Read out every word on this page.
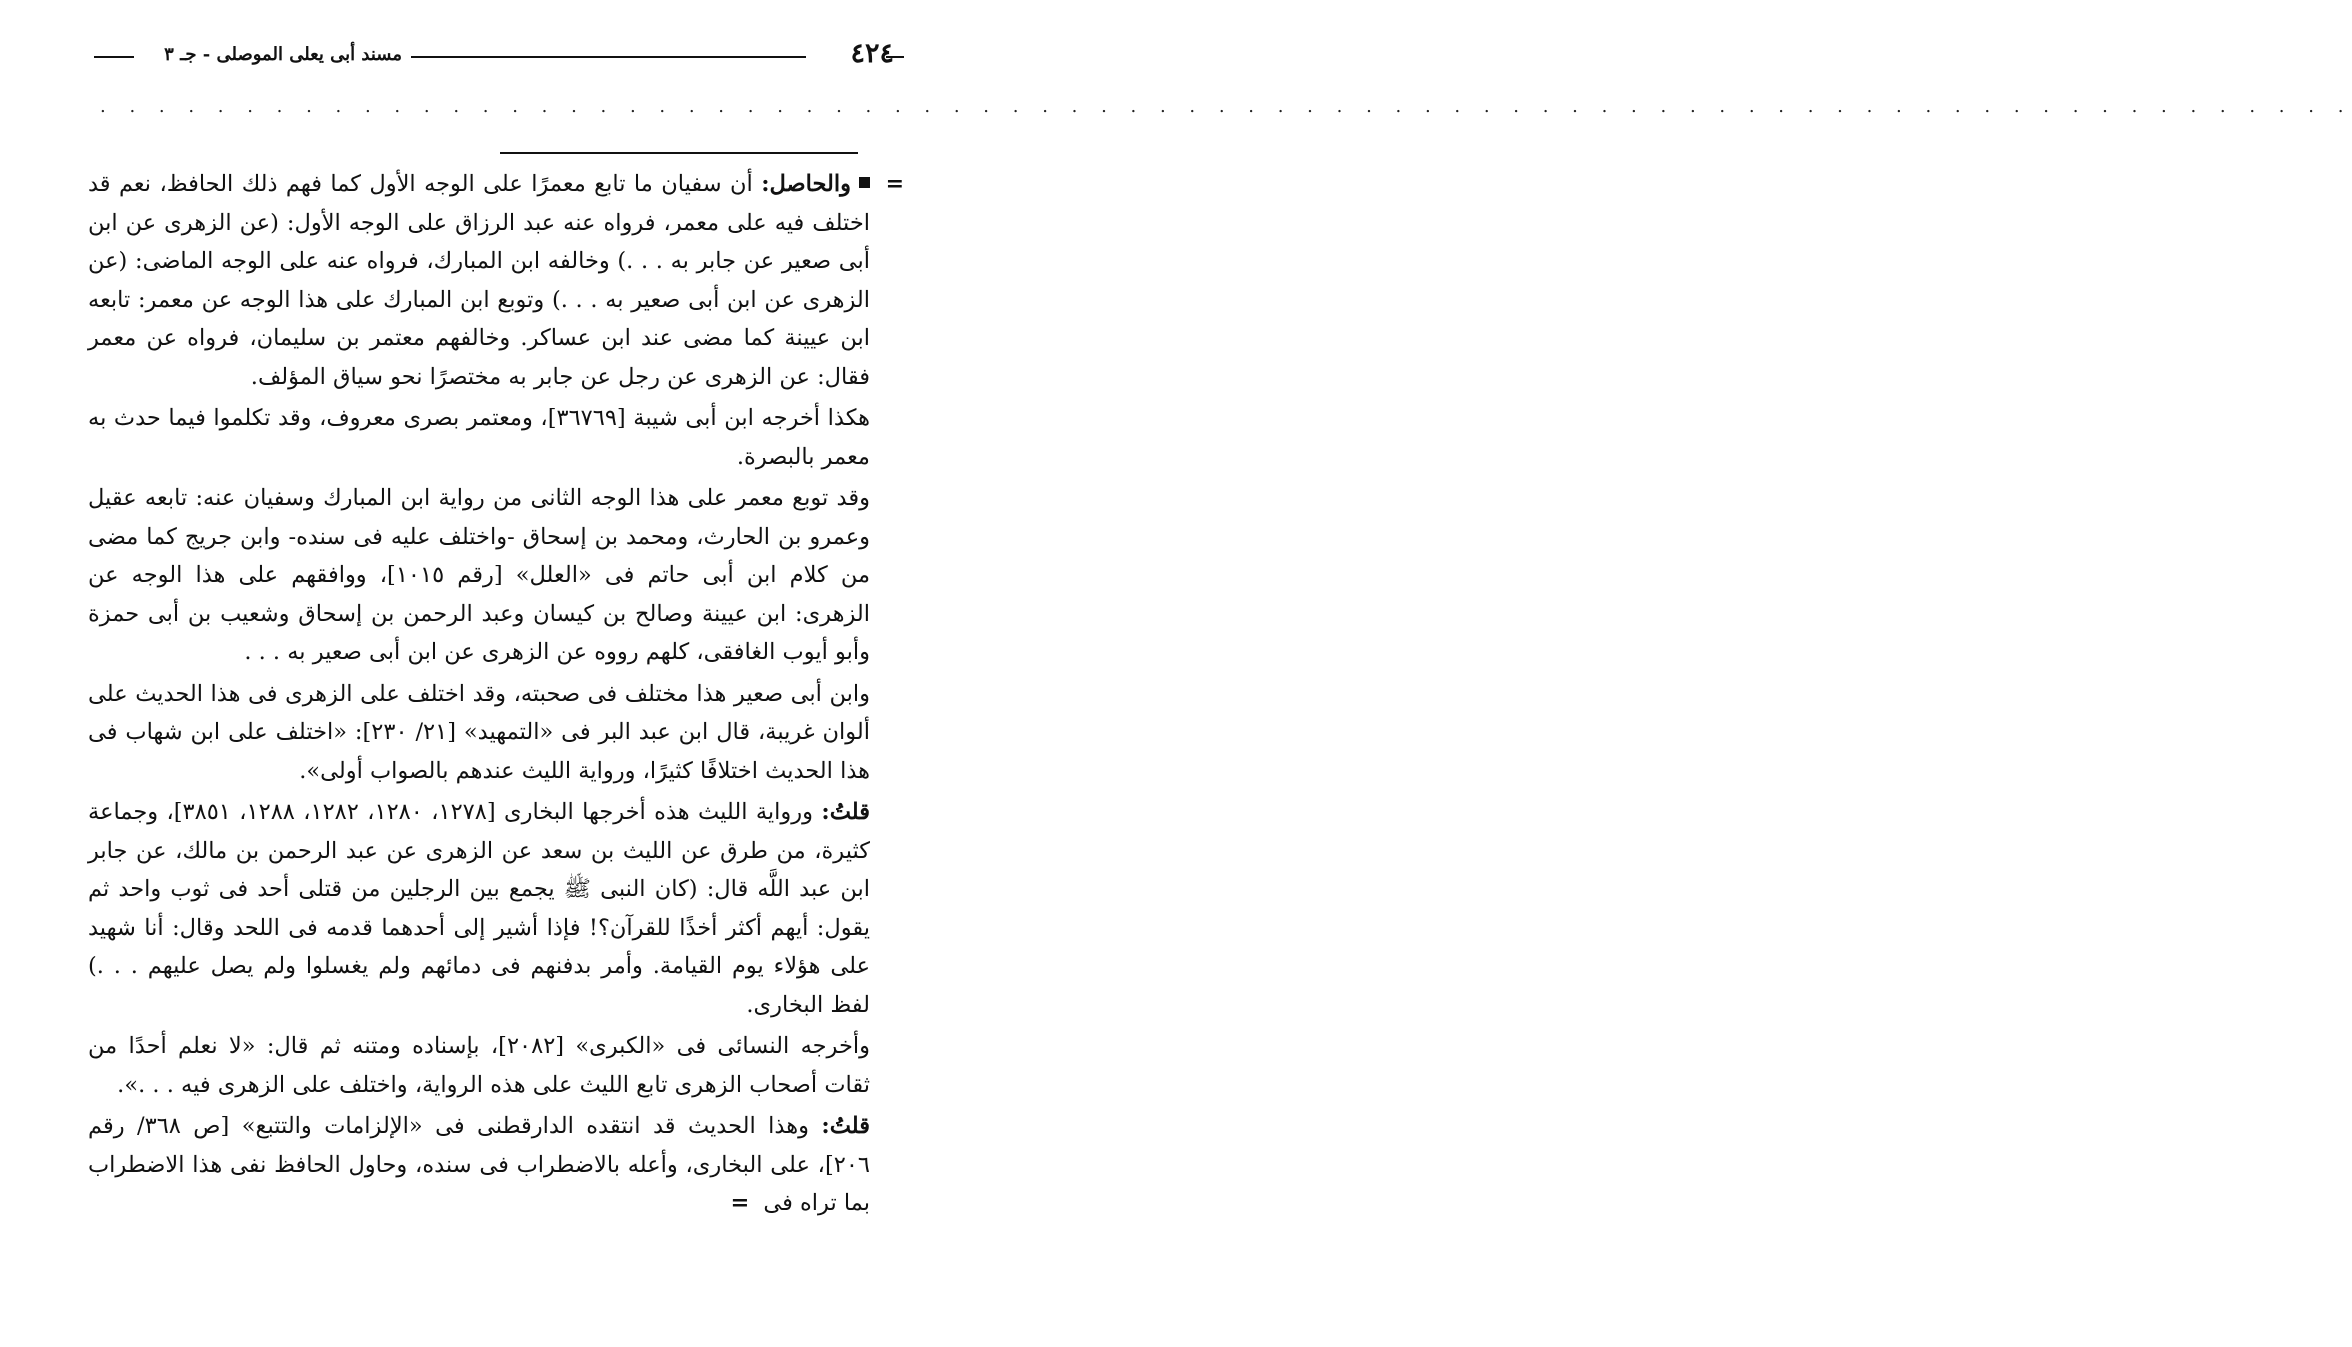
٤٢٤
مسند أبى يعلى الموصلى - جـ ٣
. . . . . . . . . . . . . . . . . . . . . . . . . . . . . . . . . . . . . . . . . . . . . . . . . . . . . . . . . . . . . . . . . . . . . . . . . . . . .
=

والحاصل: أن سفيان ما تابع معمرًا على الوجه الأول كما فهم ذلك الحافظ، نعم قد اختلف فيه على معمر، فرواه عنه عبد الرزاق على الوجه الأول: (عن الزهرى عن ابن أبى صعير عن جابر به . . .) وخالفه ابن المبارك، فرواه عنه على الوجه الماضى: (عن الزهرى عن ابن أبى صعير به . . .) وتوبع ابن المبارك على هذا الوجه عن معمر: تابعه ابن عيينة كما مضى عند ابن عساكر. وخالفهم معتمر بن سليمان، فرواه عن معمر فقال: عن الزهرى عن رجل عن جابر به مختصرًا نحو سياق المؤلف.

هكذا أخرجه ابن أبى شيبة [٣٦٧٦٩]، ومعتمر بصرى معروف، وقد تكلموا فيما حدث به معمر بالبصرة.

وقد توبع معمر على هذا الوجه الثانى من رواية ابن المبارك وسفيان عنه: تابعه عقيل وعمرو بن الحارث، ومحمد بن إسحاق -واختلف عليه فى سنده- وابن جريج كما مضى من كلام ابن أبى حاتم فى «العلل» [رقم ١٠١٥]، ووافقهم على هذا الوجه عن الزهرى: ابن عيينة وصالح بن كيسان وعبد الرحمن بن إسحاق وشعيب بن أبى حمزة وأبو أيوب الغافقى، كلهم رووه عن الزهرى عن ابن أبى صعير به . . .

وابن أبى صعير هذا مختلف فى صحبته، وقد اختلف على الزهرى فى هذا الحديث على ألوان غريبة، قال ابن عبد البر فى «التمهيد» [٢١/ ٢٣٠]: «اختلف على ابن شهاب فى هذا الحديث اختلافًا كثيرًا، ورواية الليث عندهم بالصواب أولى».

قلتُ: ورواية الليث هذه أخرجها البخارى [١٢٧٨، ١٢٨٠، ١٢٨٢، ١٢٨٨، ٣٨٥١]، وجماعة كثيرة، من طرق عن الليث بن سعد عن الزهرى عن عبد الرحمن بن مالك، عن جابر ابن عبد اللَّه قال: (كان النبى ﷺ يجمع بين الرجلين من قتلى أحد فى ثوب واحد ثم يقول: أيهم أكثر أخذًا للقرآن؟! فإذا أشير إلى أحدهما قدمه فى اللحد وقال: أنا شهيد على هؤلاء يوم القيامة. وأمر بدفنهم فى دمائهم ولم يغسلوا ولم يصل عليهم . . .) لفظ البخارى.

وأخرجه النسائى فى «الكبرى» [٢٠٨٢]، بإسناده ومتنه ثم قال: «لا نعلم أحدًا من ثقات أصحاب الزهرى تابع الليث على هذه الرواية، واختلف على الزهرى فيه . . .».

قلتُ: وهذا الحديث قد انتقده الدارقطنى فى «الإلزامات والتتبع» [ص ٣٦٨/ رقم ٢٠٦]، على البخارى، وأعله بالاضطراب فى سنده، وحاول الحافظ نفى هذا الاضطراب بما تراه فى=
